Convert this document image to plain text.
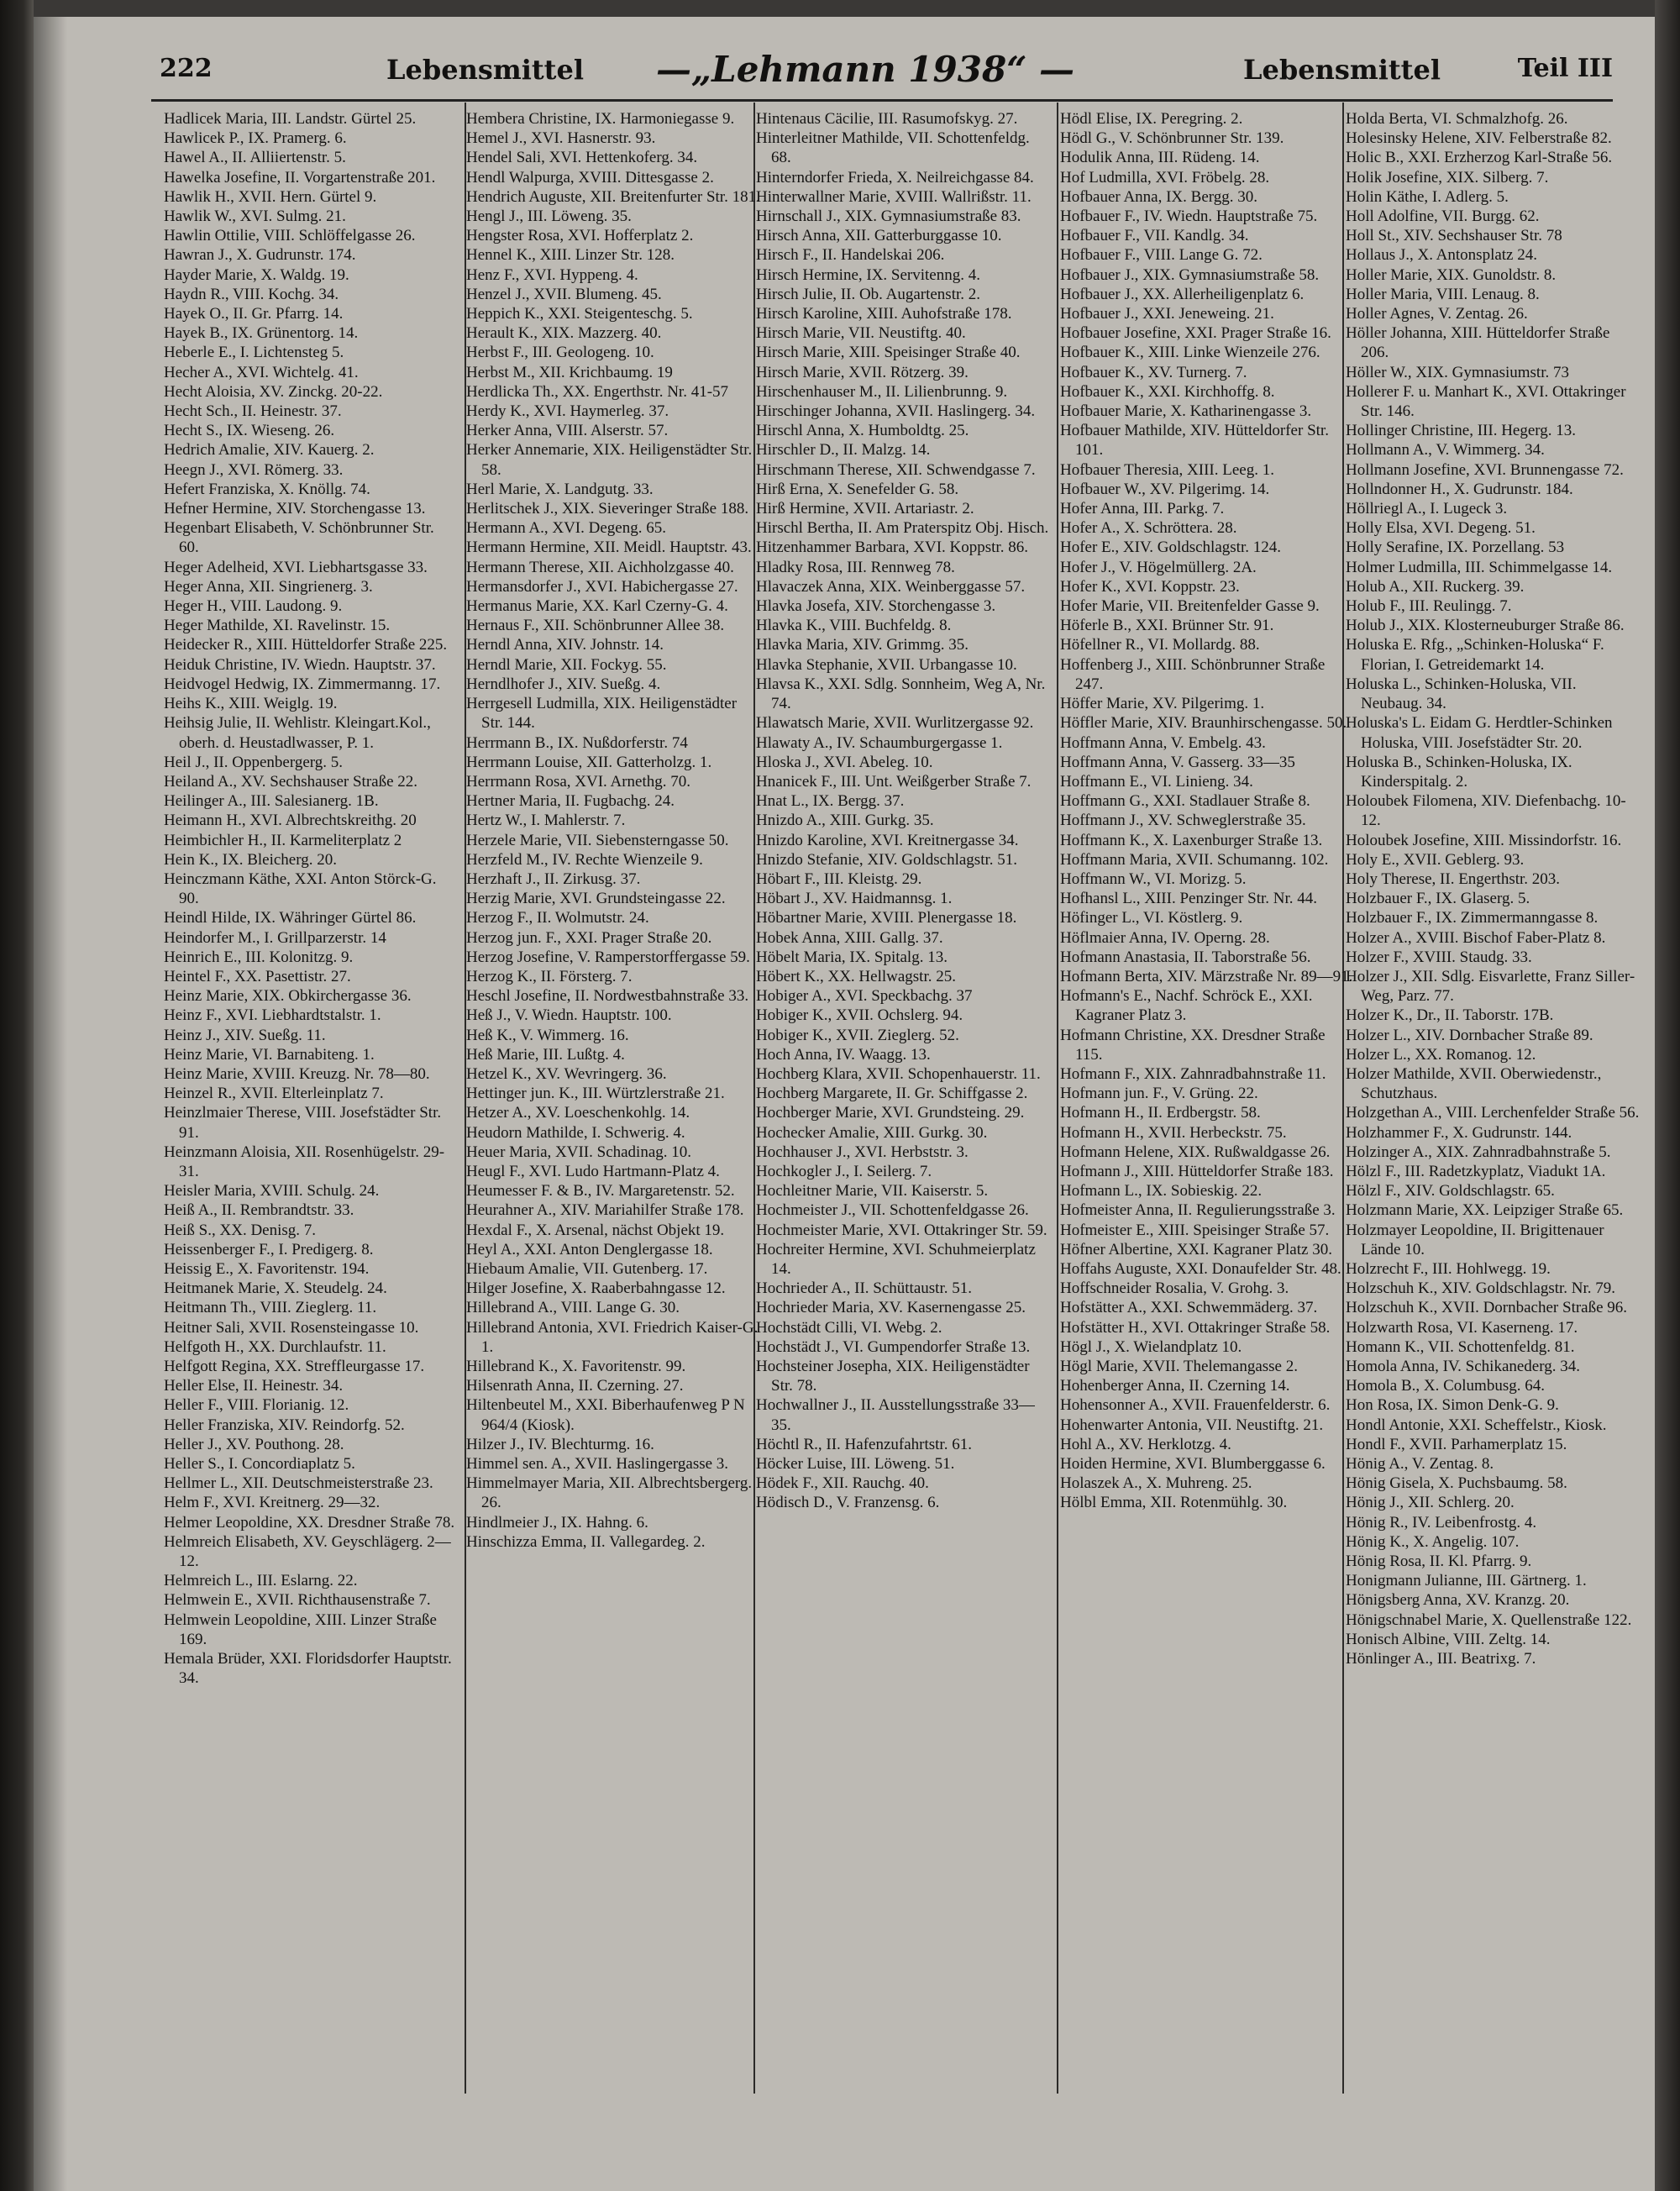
222	Lebensmittel	—„Lehmann 1938“ —	Lebensmittel	Teil III
Hadlicek Maria, III. Landstr. Gürtel 25.
Hawlicek P., IX. Pramerg. 6.
Hawel A., II. Alliiertenstr. 5.
Hawelka Josefine, II. Vorgartenstraße 201.
Hawlik H., XVII. Hern. Gürtel 9.
Hawlik W., XVI. Sulmg. 21.
Hawlin Ottilie, VIII. Schlöffelgasse 26.
Hawran J., X. Gudrunstr. 174.
Hayder Marie, X. Waldg. 19.
Haydn R., VIII. Kochg. 34.
Hayek O., II. Gr. Pfarrg. 14.
Hayek B., IX. Grünentorg. 14.
Heberle E., I. Lichtensteg 5.
Hecher A., XVI. Wichtelg. 41.
Hecht Aloisia, XV. Zinckg. 20-22.
Hecht Sch., II. Heinestr. 37.
Hecht S., IX. Wieseng. 26.
Hedrich Amalie, XIV. Kauerg. 2.
Heegn J., XVI. Römerg. 33.
Hefert Franziska, X. Knöllg. 74.
Hefner Hermine, XIV. Storchengasse 13.
Hegenbart Elisabeth, V. Schönbrunner Str. 60.
Heger Adelheid, XVI. Liebhartsgasse 33.
Heger Anna, XII. Singrienerg. 3.
Heger H., VIII. Laudong. 9.
Heger Mathilde, XI. Ravelinstr. 15.
Heidecker R., XIII. Hütteldorfer Straße 225.
Heiduk Christine, IV. Wiedn. Hauptstr. 37.
Heidvogel Hedwig, IX. Zimmermanng. 17.
Heihs K., XIII. Weiglg. 19.
Heihsig Julie, II. Wehlistr. Kleingart.Kol., oberh. d. Heustadlwasser, P. 1.
Heil J., II. Oppenbergerg. 5.
Heiland A., XV. Sechshauser Straße 22.
Heilinger A., III. Salesianerg. 1B.
Heimann H., XVI. Albrechtskreithg. 20
Heimbichler H., II. Karmeliterplatz 2
Hein K., IX. Bleicherg. 20.
Heinczmann Käthe, XXI. Anton Störck-G. 90.
Heindl Hilde, IX. Währinger Gürtel 86.
Heindorfer M., I. Grillparzerstr. 14
Heinrich E., III. Kolonitzg. 9.
Heintel F., XX. Pasettistr. 27.
Heinz Marie, XIX. Obkirchergasse 36.
Heinz F., XVI. Liebhardtstalstr. 1.
Heinz J., XIV. Sueßg. 11.
Heinz Marie, VI. Barnabiteng. 1.
Heinz Marie, XVIII. Kreuzg. Nr. 78—80.
Heinzel R., XVII. Elterleinplatz 7.
Heinzlmaier Therese, VIII. Josefstädter Str. 91.
Heinzmann Aloisia, XII. Rosenhügelstr. 29-31.
Heisler Maria, XVIII. Schulg. 24.
Heiß A., II. Rembrandtstr. 33.
Heiß S., XX. Denisg. 7.
Heissenberger F., I. Predigerg. 8.
Heissig E., X. Favoritenstr. 194.
Heitmanek Marie, X. Steudelg. 24.
Heitmann Th., VIII. Zieglerg. 11.
Heitner Sali, XVII. Rosensteingasse 10.
Helfgoth H., XX. Durchlaufstr. 11.
Helfgott Regina, XX. Streffleurgasse 17.
Heller Else, II. Heinestr. 34.
Heller F., VIII. Florianig. 12.
Heller Franziska, XIV. Reindorfg. 52.
Heller J., XV. Pouthong. 28.
Heller S., I. Concordiaplatz 5.
Hellmer L., XII. Deutschmeisterstraße 23.
Helm F., XVI. Kreitnerg. 29—32.
Helmer Leopoldine, XX. Dresdner Straße 78.
Helmreich Elisabeth, XV. Geyschlägerg. 2—12.
Helmreich L., III. Eslarng. 22.
Helmwein E., XVII. Richthausenstraße 7.
Helmwein Leopoldine, XIII. Linzer Straße 169.
Hemala Brüder, XXI. Floridsdorfer Hauptstr. 34.
Hembera Christine, IX. Harmoniegasse 9.
Hemel J., XVI. Hasnerstr. 93.
Hendel Sali, XVI. Hettenkoferg. 34.
Hendl Walpurga, XVIII. Dittesgasse 2.
Hendrich Auguste, XII. Breitenfurter Str. 181.
Hengl J., III. Löweng. 35.
Hengster Rosa, XVI. Hofferplatz 2.
Hennel K., XIII. Linzer Str. 128.
Henz F., XVI. Hyppeng. 4.
Henzel J., XVII. Blumeng. 45.
Heppich K., XXI. Steigenteschg. 5.
Herault K., XIX. Mazzerg. 40.
Herbst F., III. Geologeng. 10.
Herbst M., XII. Krichbaumg. 19
Herdlicka Th., XX. Engerthstr. Nr. 41-57
Herdy K., XVI. Haymerleg. 37.
Herker Anna, VIII. Alserstr. 57.
Herker Annemarie, XIX. Heiligenstädter Str. 58.
Herl Marie, X. Landgutg. 33.
Herlitschek J., XIX. Sieveringer Straße 188.
Hermann A., XVI. Degeng. 65.
Hermann Hermine, XII. Meidl. Hauptstr. 43.
Hermann Therese, XII. Aichholzgasse 40.
Hermansdorfer J., XVI. Habichergasse 27.
Hermanus Marie, XX. Karl Czerny-G. 4.
Hernaus F., XII. Schönbrunner Allee 38.
Herndl Anna, XIV. Johnstr. 14.
Herndl Marie, XII. Fockyg. 55.
Herndlhofer J., XIV. Sueßg. 4.
Herrgesell Ludmilla, XIX. Heiligenstädter Str. 144.
Herrmann B., IX. Nußdorferstr. 74
Herrmann Louise, XII. Gatterholzg. 1.
Herrmann Rosa, XVI. Arnethg. 70.
Hertner Maria, II. Fugbachg. 24.
Hertz W., I. Mahlerstr. 7.
Herzele Marie, VII. Siebensterngasse 50.
Herzfeld M., IV. Rechte Wienzeile 9.
Herzhaft J., II. Zirkusg. 37.
Herzig Marie, XVI. Grundsteingasse 22.
Herzog F., II. Wolmutstr. 24.
Herzog jun. F., XXI. Prager Straße 20.
Herzog Josefine, V. Ramperstorffergasse 59.
Herzog K., II. Försterg. 7.
Heschl Josefine, II. Nordwestbahnstraße 33.
Heß J., V. Wiedn. Hauptstr. 100.
Heß K., V. Wimmerg. 16.
Heß Marie, III. Lußtg. 4.
Hetzel K., XV. Wevringerg. 36.
Hettinger jun. K., III. Würtzlerstraße 21.
Hetzer A., XV. Loeschenkohlg. 14.
Heudorn Mathilde, I. Schwerig. 4.
Heuer Maria, XVII. Schadinag. 10.
Heugl F., XVI. Ludo Hartmann-Platz 4.
Heumesser F. & B., IV. Margaretenstr. 52.
Heurahner A., XIV. Mariahilfer Straße 178.
Hexdal F., X. Arsenal, nächst Objekt 19.
Heyl A., XXI. Anton Denglergasse 18.
Hiebaum Amalie, VII. Gutenberg. 17.
Hilger Josefine, X. Raaberbahngasse 12.
Hillebrand A., VIII. Lange G. 30.
Hillebrand Antonia, XVI. Friedrich Kaiser-G. 1.
Hillebrand K., X. Favoritenstr. 99.
Hilsenrath Anna, II. Czerning. 27.
Hiltenbeutel M., XXI. Biberhaufenweg P N 964/4 (Kiosk).
Hilzer J., IV. Blechturmg. 16.
Himmel sen. A., XVII. Haslingergasse 3.
Himmelmayer Maria, XII. Albrechtsbergerg. 26.
Hindlmeier J., IX. Hahng. 6.
Hinschizza Emma, II. Vallegardeg. 2.
Hintenaus Cäcilie, III. Rasumofskyg. 27.
Hinterleitner Mathilde, VII. Schottenfeldg. 68.
Hinterndorfer Frieda, X. Neilreichgasse 84.
Hinterwallner Marie, XVIII. Wallrißstr. 11.
Hirnschall J., XIX. Gymnasiumstraße 83.
Hirsch Anna, XII. Gatterburggasse 10.
Hirsch F., II. Handelskai 206.
Hirsch Hermine, IX. Servitenng. 4.
Hirsch Julie, II. Ob. Augartenstr. 2.
Hirsch Karoline, XIII. Auhofstraße 178.
Hirsch Marie, VII. Neustiftg. 40.
Hirsch Marie, XIII. Speisinger Straße 40.
Hirsch Marie, XVII. Rötzerg. 39.
Hirschenhauser M., II. Lilienbrunng. 9.
Hirschinger Johanna, XVII. Haslingerg. 34.
Hirschl Anna, X. Humboldtg. 25.
Hirschler D., II. Malzg. 14.
Hirschmann Therese, XII. Schwendgasse 7.
Hirß Erna, X. Senefelder G. 58.
Hirß Hermine, XVII. Artariastr. 2.
Hirschl Bertha, II. Am Praterspitz Obj. Hisch.
Hitzenhammer Barbara, XVI. Koppstr. 86.
Hladky Rosa, III. Rennweg 78.
Hlavaczek Anna, XIX. Weinberggasse 57.
Hlavka Josefa, XIV. Storchengasse 3.
Hlavka K., VIII. Buchfeldg. 8.
Hlavka Maria, XIV. Grimmg. 35.
Hlavka Stephanie, XVII. Urbangasse 10.
Hlavsa K., XXI. Sdlg. Sonnheim, Weg A, Nr. 74.
Hlawatsch Marie, XVII. Wurlitzergasse 92.
Hlawaty A., IV. Schaumburgergasse 1.
Hloska J., XVI. Abeleg. 10.
Hnanicek F., III. Unt. Weißgerber Straße 7.
Hnat L., IX. Bergg. 37.
Hnizdo A., XIII. Gurkg. 35.
Hnizdo Karoline, XVI. Kreitnergasse 34.
Hnizdo Stefanie, XIV. Goldschlagstr. 51.
Höbart F., III. Kleistg. 29.
Höbart J., XV. Haidmannsg. 1.
Höbartner Marie, XVIII. Plenergasse 18.
Hobek Anna, XIII. Gallg. 37.
Höbelt Maria, IX. Spitalg. 13.
Höbert K., XX. Hellwagstr. 25.
Hobiger A., XVI. Speckbachg. 37
Hobiger K., XVII. Ochslerg. 94.
Hobiger K., XVII. Zieglerg. 52.
Hoch Anna, IV. Waagg. 13.
Hochberg Klara, XVII. Schopenhauerstr. 11.
Hochberg Margarete, II. Gr. Schiffgasse 2.
Hochberger Marie, XVI. Grundsteing. 29.
Hochecker Amalie, XIII. Gurkg. 30.
Hochhauser J., XVI. Herbststr. 3.
Hochkogler J., I. Seilerg. 7.
Hochleitner Marie, VII. Kaiserstr. 5.
Hochmeister J., VII. Schottenfeldgasse 26.
Hochmeister Marie, XVI. Ottakringer Str. 59.
Hochreiter Hermine, XVI. Schuhmeierplatz 14.
Hochrieder A., II. Schüttaustr. 51.
Hochrieder Maria, XV. Kasernengasse 25.
Hochstädt Cilli, VI. Webg. 2.
Hochstädt J., VI. Gumpendorfer Straße 13.
Hochsteiner Josepha, XIX. Heiligenstädter Str. 78.
Hochwallner J., II. Ausstellungsstraße 33—35.
Höchtl R., II. Hafenzufahrtstr. 61.
Höcker Luise, III. Löweng. 51.
Hödek F., XII. Rauchg. 40.
Hödisch D., V. Franzensg. 6.
Hödl Elise, IX. Peregring. 2.
Hödl G., V. Schönbrunner Str. 139.
Hodulik Anna, III. Rüdeng. 14.
Hof Ludmilla, XVI. Fröbelg. 28.
Hofbauer Anna, IX. Bergg. 30.
Hofbauer F., IV. Wiedn. Hauptstraße 75.
Hofbauer F., VII. Kandlg. 34.
Hofbauer F., VIII. Lange G. 72.
Hofbauer J., XIX. Gymnasiumstraße 58.
Hofbauer J., XX. Allerheiligenplatz 6.
Hofbauer J., XXI. Jeneweing. 21.
Hofbauer Josefine, XXI. Prager Straße 16.
Hofbauer K., XIII. Linke Wienzeile 276.
Hofbauer K., XV. Turnerg. 7.
Hofbauer K., XXI. Kirchhoffg. 8.
Hofbauer Marie, X. Katharinengasse 3.
Hofbauer Mathilde, XIV. Hütteldorfer Str. 101.
Hofbauer Theresia, XIII. Leeg. 1.
Hofbauer W., XV. Pilgerimg. 14.
Hofer Anna, III. Parkg. 7.
Hofer A., X. Schröttera. 28.
Hofer E., XIV. Goldschlagstr. 124.
Hofer J., V. Högelmüllerg. 2A.
Hofer K., XVI. Koppstr. 23.
Hofer Marie, VII. Breitenfelder Gasse 9.
Höferle B., XXI. Brünner Str. 91.
Höfellner R., VI. Mollardg. 88.
Hoffenberg J., XIII. Schönbrunner Straße 247.
Höffer Marie, XV. Pilgerimg. 1.
Höffler Marie, XIV. Braunhirschengasse. 50.
Hoffmann Anna, V. Embelg. 43.
Hoffmann Anna, V. Gasserg. 33—35
Hoffmann E., VI. Linieng. 34.
Hoffmann G., XXI. Stadlauer Straße 8.
Hoffmann J., XV. Schweglerstraße 35.
Hoffmann K., X. Laxenburger Straße 13.
Hoffmann Maria, XVII. Schumanng. 102.
Hoffmann W., VI. Morizg. 5.
Hofhansl L., XIII. Penzinger Str. Nr. 44.
Höfinger L., VI. Köstlerg. 9.
Höflmaier Anna, IV. Operng. 28.
Hofmann Anastasia, II. Taborstraße 56.
Hofmann Berta, XIV. Märzstraße Nr. 89—91.
Hofmann's E., Nachf. Schröck E., XXI. Kagraner Platz 3.
Hofmann Christine, XX. Dresdner Straße 115.
Hofmann F., XIX. Zahnradbahnstraße 11.
Hofmann jun. F., V. Grüng. 22.
Hofmann H., II. Erdbergstr. 58.
Hofmann H., XVII. Herbeckstr. 75.
Hofmann Helene, XIX. Rußwaldgasse 26.
Hofmann J., XIII. Hütteldorfer Straße 183.
Hofmann L., IX. Sobieskig. 22.
Hofmeister Anna, II. Regulierungsstraße 3.
Hofmeister E., XIII. Speisinger Straße 57.
Höfner Albertine, XXI. Kagraner Platz 30.
Hoffahs Auguste, XXI. Donaufelder Str. 48.
Hoffschneider Rosalia, V. Grohg. 3.
Hofstätter A., XXI. Schwemmäderg. 37.
Hofstätter H., XVI. Ottakringer Straße 58.
Högl J., X. Wielandplatz 10.
Högl Marie, XVII. Thelemangasse 2.
Hohenberger Anna, II. Czerning 14.
Hohensonner A., XVII. Frauenfelderstr. 6.
Hohenwarter Antonia, VII. Neustiftg. 21.
Hohl A., XV. Herklotzg. 4.
Hoiden Hermine, XVI. Blumberggasse 6.
Holaszek A., X. Muhreng. 25.
Hölbl Emma, XII. Rotenmühlg. 30.
Holda Berta, VI. Schmalzhofg. 26.
Holesinsky Helene, XIV. Felberstraße 82.
Holic B., XXI. Erzherzog Karl-Straße 56.
Holik Josefine, XIX. Silberg. 7.
Holin Käthe, I. Adlerg. 5.
Holl Adolfine, VII. Burgg. 62.
Holl St., XIV. Sechshauser Str. 78
Hollaus J., X. Antonsplatz 24.
Holler Marie, XIX. Gunoldstr. 8.
Holler Maria, VIII. Lenaug. 8.
Holler Agnes, V. Zentag. 26.
Höller Johanna, XIII. Hütteldorfer Straße 206.
Höller W., XIX. Gymnasiumstr. 73
Hollerer F. u. Manhart K., XVI. Ottakringer Str. 146.
Hollinger Christine, III. Hegerg. 13.
Hollmann A., V. Wimmerg. 34.
Hollmann Josefine, XVI. Brunnengasse 72.
Hollndonner H., X. Gudrunstr. 184.
Höllriegl A., I. Lugeck 3.
Holly Elsa, XVI. Degeng. 51.
Holly Serafine, IX. Porzellang. 53
Holmer Ludmilla, III. Schimmelgasse 14.
Holub A., XII. Ruckerg. 39.
Holub F., III. Reulingg. 7.
Holub J., XIX. Klosterneuburger Straße 86.
Holuska E. Rfg., „Schinken-Holuska“ F. Florian, I. Getreidemarkt 14.
Holuska L., Schinken-Holuska, VII. Neubaug. 34.
Holuska's L. Eidam G. Herdtler-Schinken Holuska, VIII. Josefstädter Str. 20.
Holuska B., Schinken-Holuska, IX. Kinderspitalg. 2.
Holoubek Filomena, XIV. Diefenbachg. 10-12.
Holoubek Josefine, XIII. Missindorfstr. 16.
Holy E., XVII. Geblerg. 93.
Holy Therese, II. Engerthstr. 203.
Holzbauer F., IX. Glaserg. 5.
Holzbauer F., IX. Zimmermanngasse 8.
Holzer A., XVIII. Bischof Faber-Platz 8.
Holzer F., XVIII. Staudg. 33.
Holzer J., XII. Sdlg. Eisvarlette, Franz Siller-Weg, Parz. 77.
Holzer K., Dr., II. Taborstr. 17B.
Holzer L., XIV. Dornbacher Straße 89.
Holzer L., XX. Romanog. 12.
Holzer Mathilde, XVII. Oberwiedenstr., Schutzhaus.
Holzgethan A., VIII. Lerchenfelder Straße 56.
Holzhammer F., X. Gudrunstr. 144.
Holzinger A., XIX. Zahnradbahnstraße 5.
Hölzl F., III. Radetzkyplatz, Viadukt 1A.
Hölzl F., XIV. Goldschlagstr. 65.
Holzmann Marie, XX. Leipziger Straße 65.
Holzmayer Leopoldine, II. Brigittenauer Lände 10.
Holzrecht F., III. Hohlwegg. 19.
Holzschuh K., XIV. Goldschlagstr. Nr. 79.
Holzschuh K., XVII. Dornbacher Straße 96.
Holzwarth Rosa, VI. Kaserneng. 17.
Homann K., VII. Schottenfeldg. 81.
Homola Anna, IV. Schikanederg. 34.
Homola B., X. Columbusg. 64.
Hon Rosa, IX. Simon Denk-G. 9.
Hondl Antonie, XXI. Scheffelstr., Kiosk.
Hondl F., XVII. Parhamerplatz 15.
Hönig A., V. Zentag. 8.
Hönig Gisela, X. Puchsbaumg. 58.
Hönig J., XII. Schlerg. 20.
Hönig R., IV. Leibenfrostg. 4.
Hönig K., X. Angelig. 107.
Hönig Rosa, II. Kl. Pfarrg. 9.
Honigmann Julianne, III. Gärtnerg. 1.
Hönigsberg Anna, XV. Kranzg. 20.
Hönigschnabel Marie, X. Quellenstraße 122.
Honisch Albine, VIII. Zeltg. 14.
Hönlinger A., III. Beatrixg. 7.
